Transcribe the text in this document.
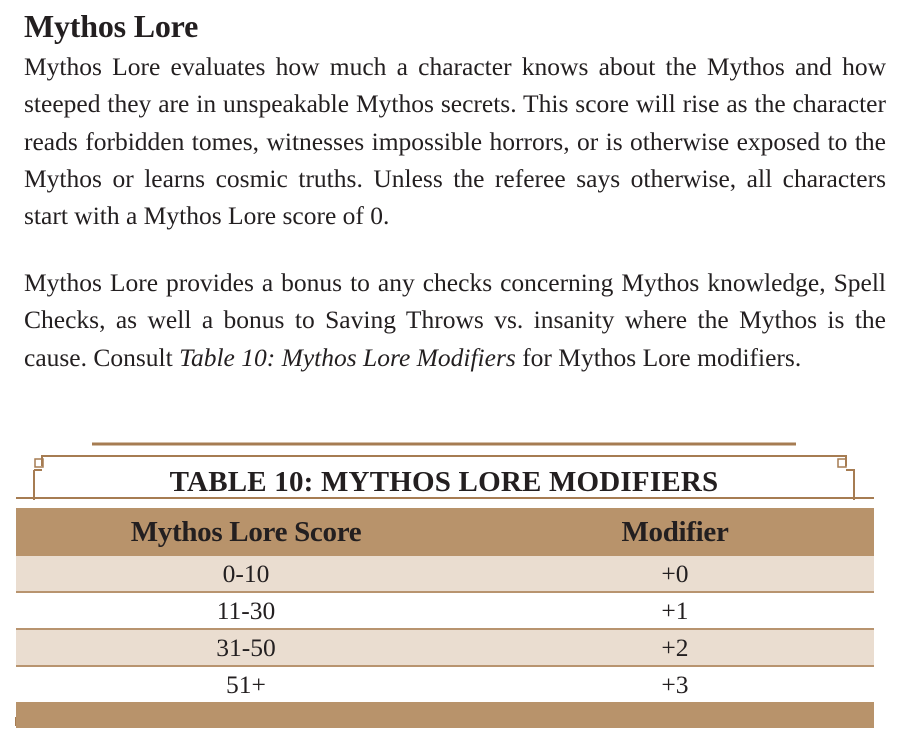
Mythos Lore

Mythos Lore evaluates how much a character knows about the Mythos and how steeped they are in unspeakable Mythos secrets. This score will rise as the character reads forbidden tomes, witnesses impossible horrors, or is otherwise exposed to the Mythos or learns cosmic truths. Unless the referee says otherwise, all characters start with a Mythos Lore score of 0.

Mythos Lore provides a bonus to any checks concerning Mythos knowledge, Spell Checks, as well a bonus to Saving Throws vs. insanity where the Mythos is the cause. Consult Table 10: Mythos Lore Modifiers for Mythos Lore modifiers.

TABLE 10: MYTHOS LORE MODIFIERS
Mythos Lore Score	Modifier
0-10	+0
11-30	+1
31-50	+2
51+	+3
